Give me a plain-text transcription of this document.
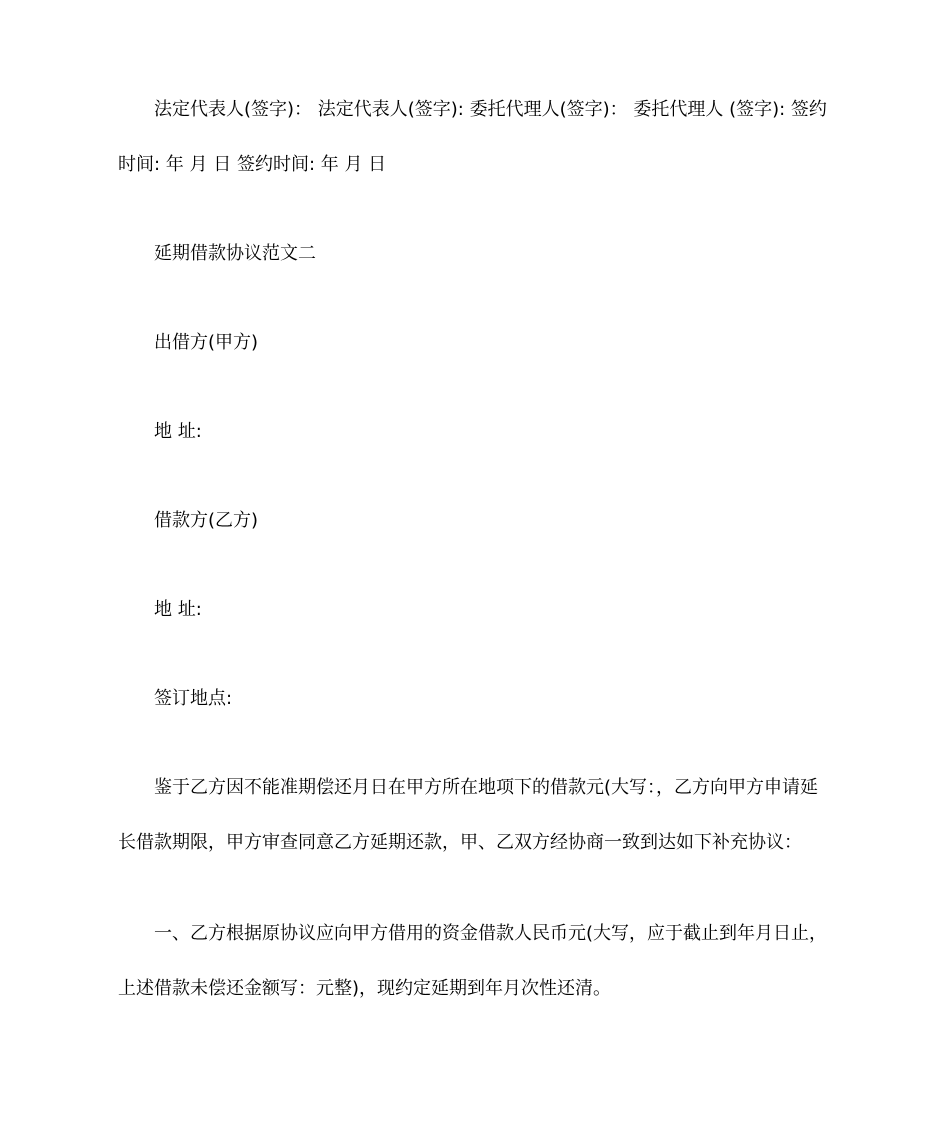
法定代表人(签字)： 法定代表人(签字): 委托代理人(签字)： 委托代理人 (签字): 签约时间: 年 月 日 签约时间: 年 月 日

延期借款协议范文二

出借方(甲方)

地 址:

借款方(乙方)

地 址:

签订地点:

鉴于乙方因不能准期偿还月日在甲方所在地项下的借款元(大写：，乙方向甲方申请延长借款期限，甲方审查同意乙方延期还款，甲、乙双方经协商一致到达如下补充协议：

一、乙方根据原协议应向甲方借用的资金借款人民币元(大写，应于截止到年月日止，上述借款未偿还金额写：元整)，现约定延期到年月次性还清。
